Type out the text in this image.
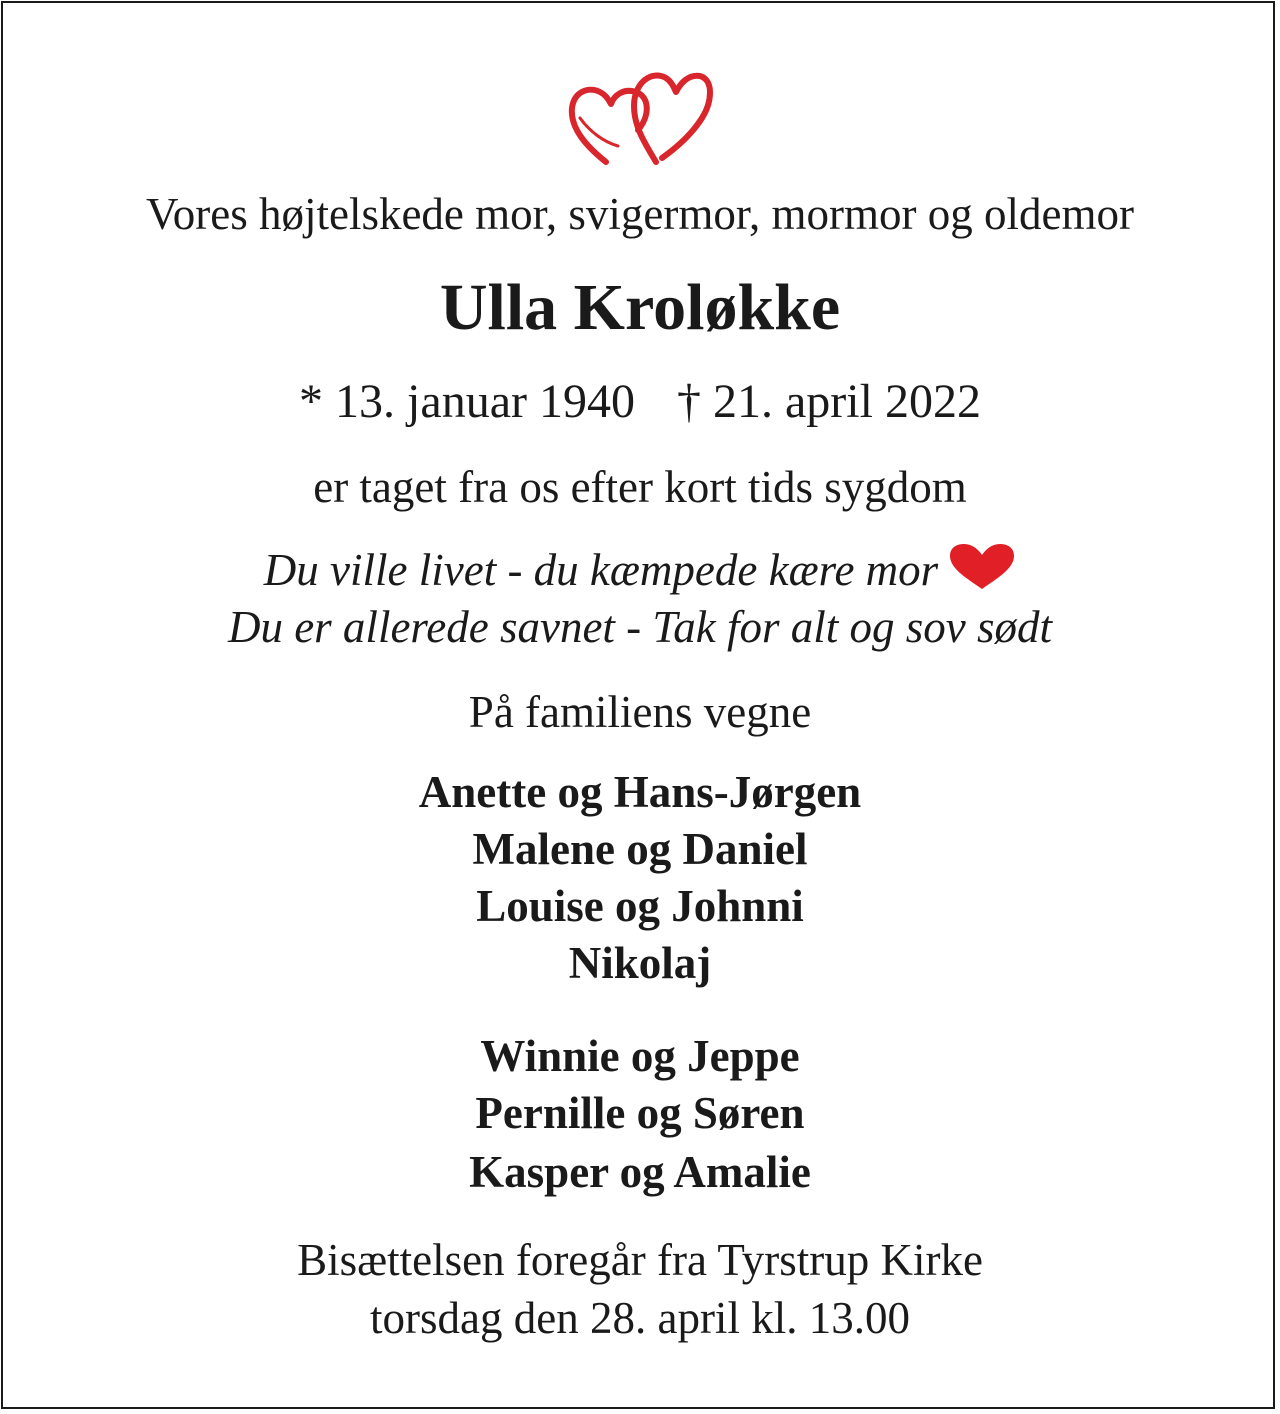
Vores højtelskede mor, svigermor, mormor og oldemor
Ulla Kroløkke
* 13. januar 1940 † 21. april 2022
er taget fra os efter kort tids sygdom
Du ville livet - du kæmpede kære mor
Du er allerede savnet - Tak for alt og sov sødt
På familiens vegne
Anette og Hans-Jørgen
Malene og Daniel
Louise og Johnni
Nikolaj
Winnie og Jeppe
Pernille og Søren
Kasper og Amalie
Bisættelsen foregår fra Tyrstrup Kirke
torsdag den 28. april kl. 13.00
